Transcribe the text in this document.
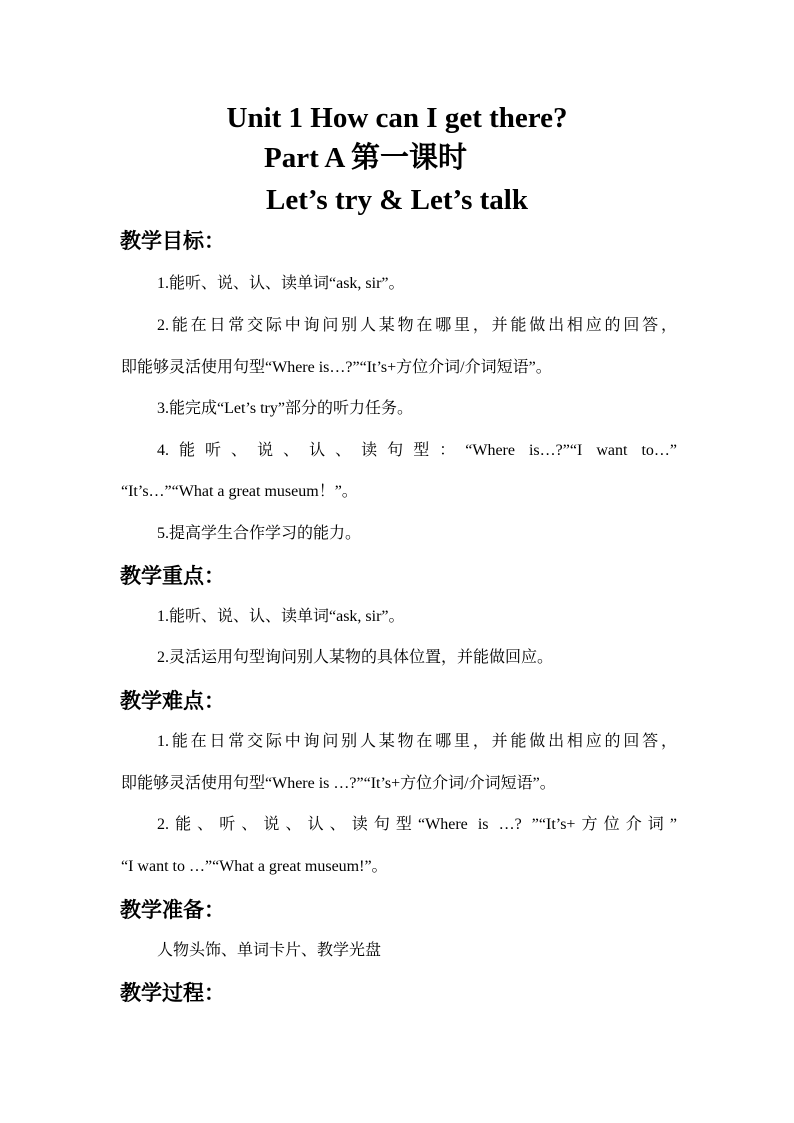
Unit 1 How can I get there?
Part A 第一课时
Let’s try & Let’s talk
教学目标：
1.能听、说、认、读单词“ask, sir”。
2.能在日常交际中询问别人某物在哪里，并能做出相应的回答，
即能够灵活使用句型“Where is…?”“It’s+方位介词/介词短语”。
3.能完成“Let’s try”部分的听力任务。
4.能听、说、认、读句型：“Where is…?”“I want to…”
“It’s…”“What a great museum！”。
5.提高学生合作学习的能力。
教学重点：
1.能听、说、认、读单词“ask, sir”。
2.灵活运用句型询问别人某物的具体位置，并能做回应。
教学难点：
1.能在日常交际中询问别人某物在哪里，并能做出相应的回答，
即能够灵活使用句型“Where is …?”“It’s+方位介词/介词短语”。
2.能、听、说、认、读句型“Where is …? ”“It’s+方位介词”
“I want to …”“What a great museum!”。
教学准备：
人物头饰、单词卡片、教学光盘
教学过程：
